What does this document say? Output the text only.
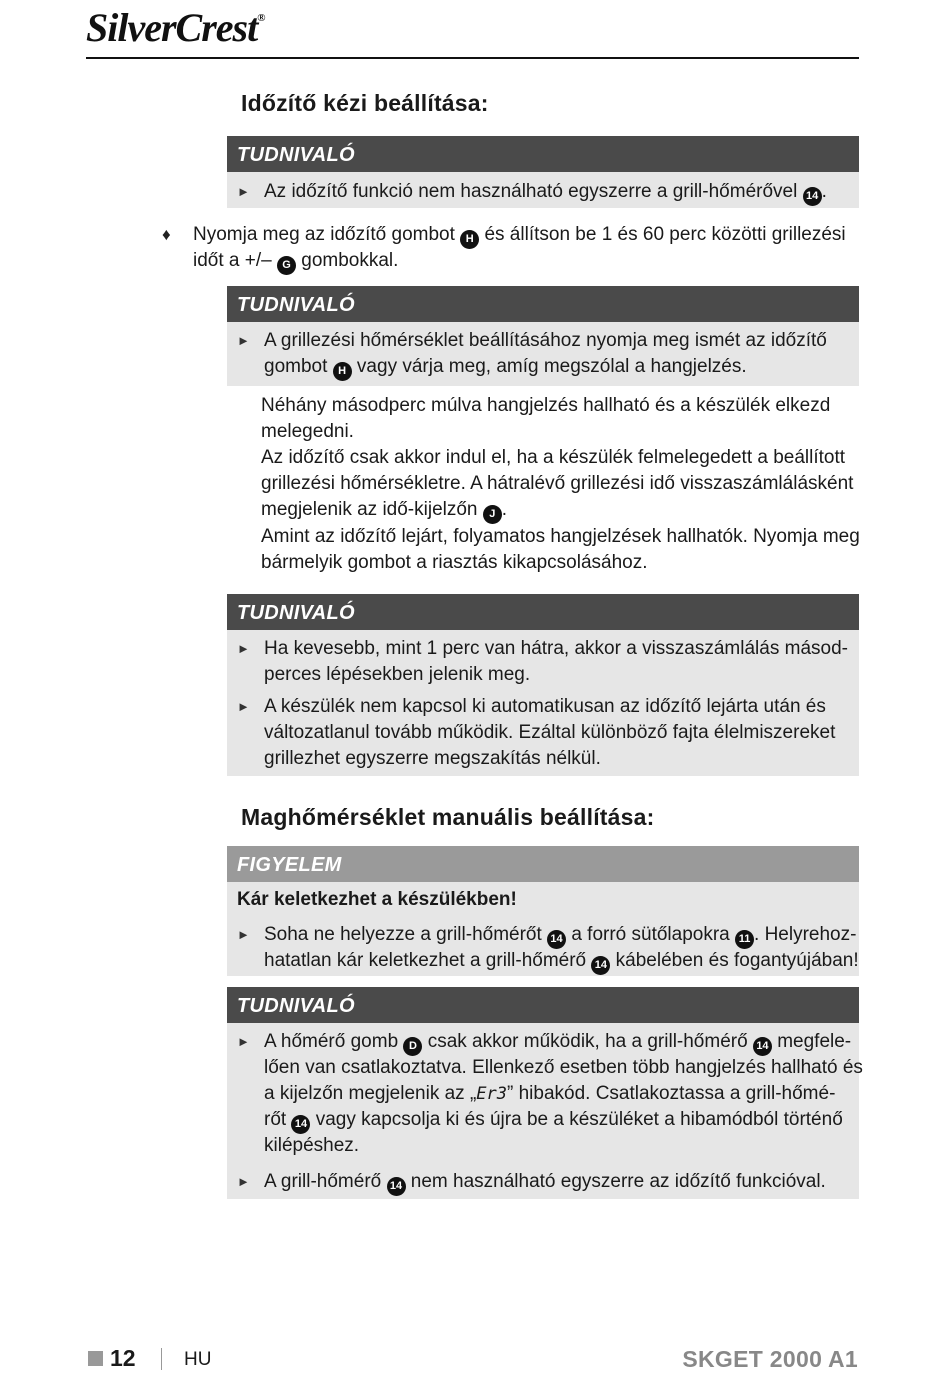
SilverCrest®
Időzítő kézi beállítása:
TUDNIVALÓ
► Az időzítő funkció nem használható egyszerre a grill-hőmérővel 14 .
♦ Nyomja meg az időzítő gombot H és állítson be 1 és 60 perc közötti grillezési
időt a +/– G gombokkal.
TUDNIVALÓ
► A grillezési hőmérséklet beállításához nyomja meg ismét az időzítő
gombot H vagy várja meg, amíg megszólal a hangjelzés.
Néhány másodperc múlva hangjelzés hallható és a készülék elkezd
melegedni.
Az időzítő csak akkor indul el, ha a készülék felmelegedett a beállított
grillezési hőmérsékletre. A hátralévő grillezési idő visszaszámlálásként
megjelenik az idő-kijelzőn J .
Amint az időzítő lejárt, folyamatos hangjelzések hallhatók. Nyomja meg
bármelyik gombot a riasztás kikapcsolásához.
TUDNIVALÓ
► Ha kevesebb, mint 1 perc van hátra, akkor a visszaszámlálás másod-
perces lépésekben jelenik meg.
► A készülék nem kapcsol ki automatikusan az időzítő lejárta után és
változatlanul tovább működik. Ezáltal különböző fajta élelmiszereket
grillezhet egyszerre megszakítás nélkül.
Maghőmérséklet manuális beállítása:
FIGYELEM
Kár keletkezhet a készülékben!
► Soha ne helyezze a grill-hőmérőt 14 a forró sütőlapokra 11 . Helyrehoz-
hatatlan kár keletkezhet a grill-hőmérő 14 kábelében és fogantyújában!
TUDNIVALÓ
► A hőmérő gomb D csak akkor működik, ha a grill-hőmérő 14 megfele-
lően van csatlakoztatva. Ellenkező esetben több hangjelzés hallható és
a kijelzőn megjelenik az „Er3” hibakód. Csatlakoztassa a grill-hőmé-
rőt 14 vagy kapcsolja ki és újra be a készüléket a hibamódból történő
kilépéshez.
► A grill-hőmérő 14 nem használható egyszerre az időzítő funkcióval.
12	HU	SKGET 2000 A1
